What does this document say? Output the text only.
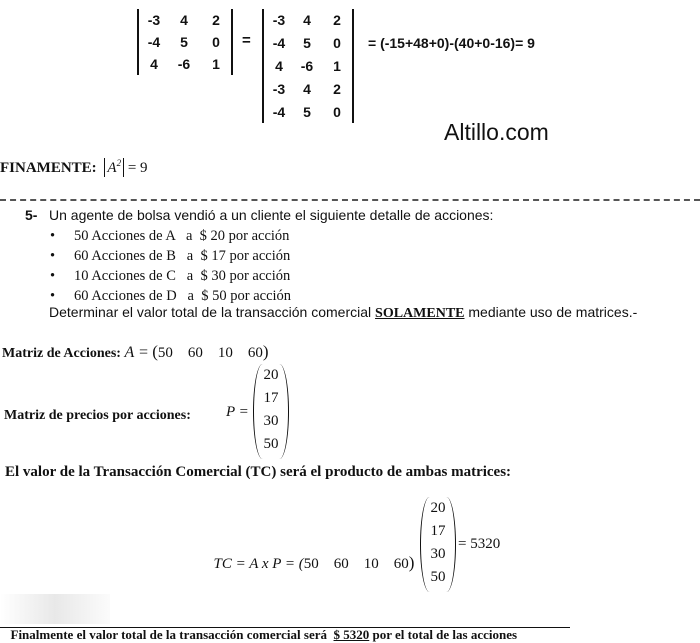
-3	4	2
-4	5	0
4	-6	1
=
-3	4	2
-4	5	0
4	-6	1
-3	4	2
-4	5	0
= (-15+48+0)-(40+0-16)= 9
Altillo.com
FINAMENTE: $A^2 = 9$
5- Un agente de bolsa vendió a un cliente el siguiente detalle de acciones:
• 50 Acciones de A   a  $ 20 por acción
• 60 Acciones de B   a  $ 17 por acción
• 10 Acciones de C   a  $ 30 por acción
• 60 Acciones de D   a  $ 50 por acción
Determinar el valor total de la transacción comercial SOLAMENTE mediante uso de matrices.-
Matriz de Acciones: A = (50 60 10 60)
Matriz de precios por acciones: P =
20
17
30
50
El valor de la Transacción Comercial (TC) será el producto de ambas matrices:

TC = A x P = (50 60 10 60)

20
17
30
50
= 5320

Finalmente el valor total de la transacción comercial será $ 5320 por el total de las acciones
